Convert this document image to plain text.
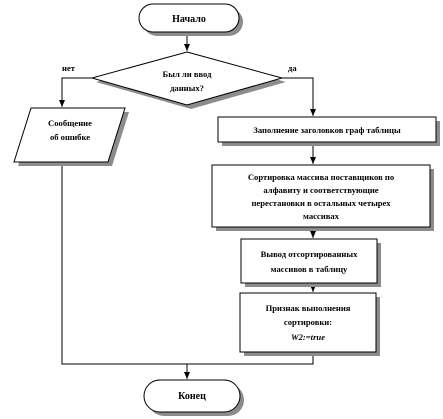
Начало
Был ли ввод
данных?
нет	да
Сообщение
об ошибке
Заполнение заголовков граф таблицы
Сортировка массива поставщиков по
алфавиту и соответствующие
перестановки в остальных четырех
массивах
Вывод отсортированных
массивов в таблицу
Признак выполнения
сортировки:
W2:=true
Конец
